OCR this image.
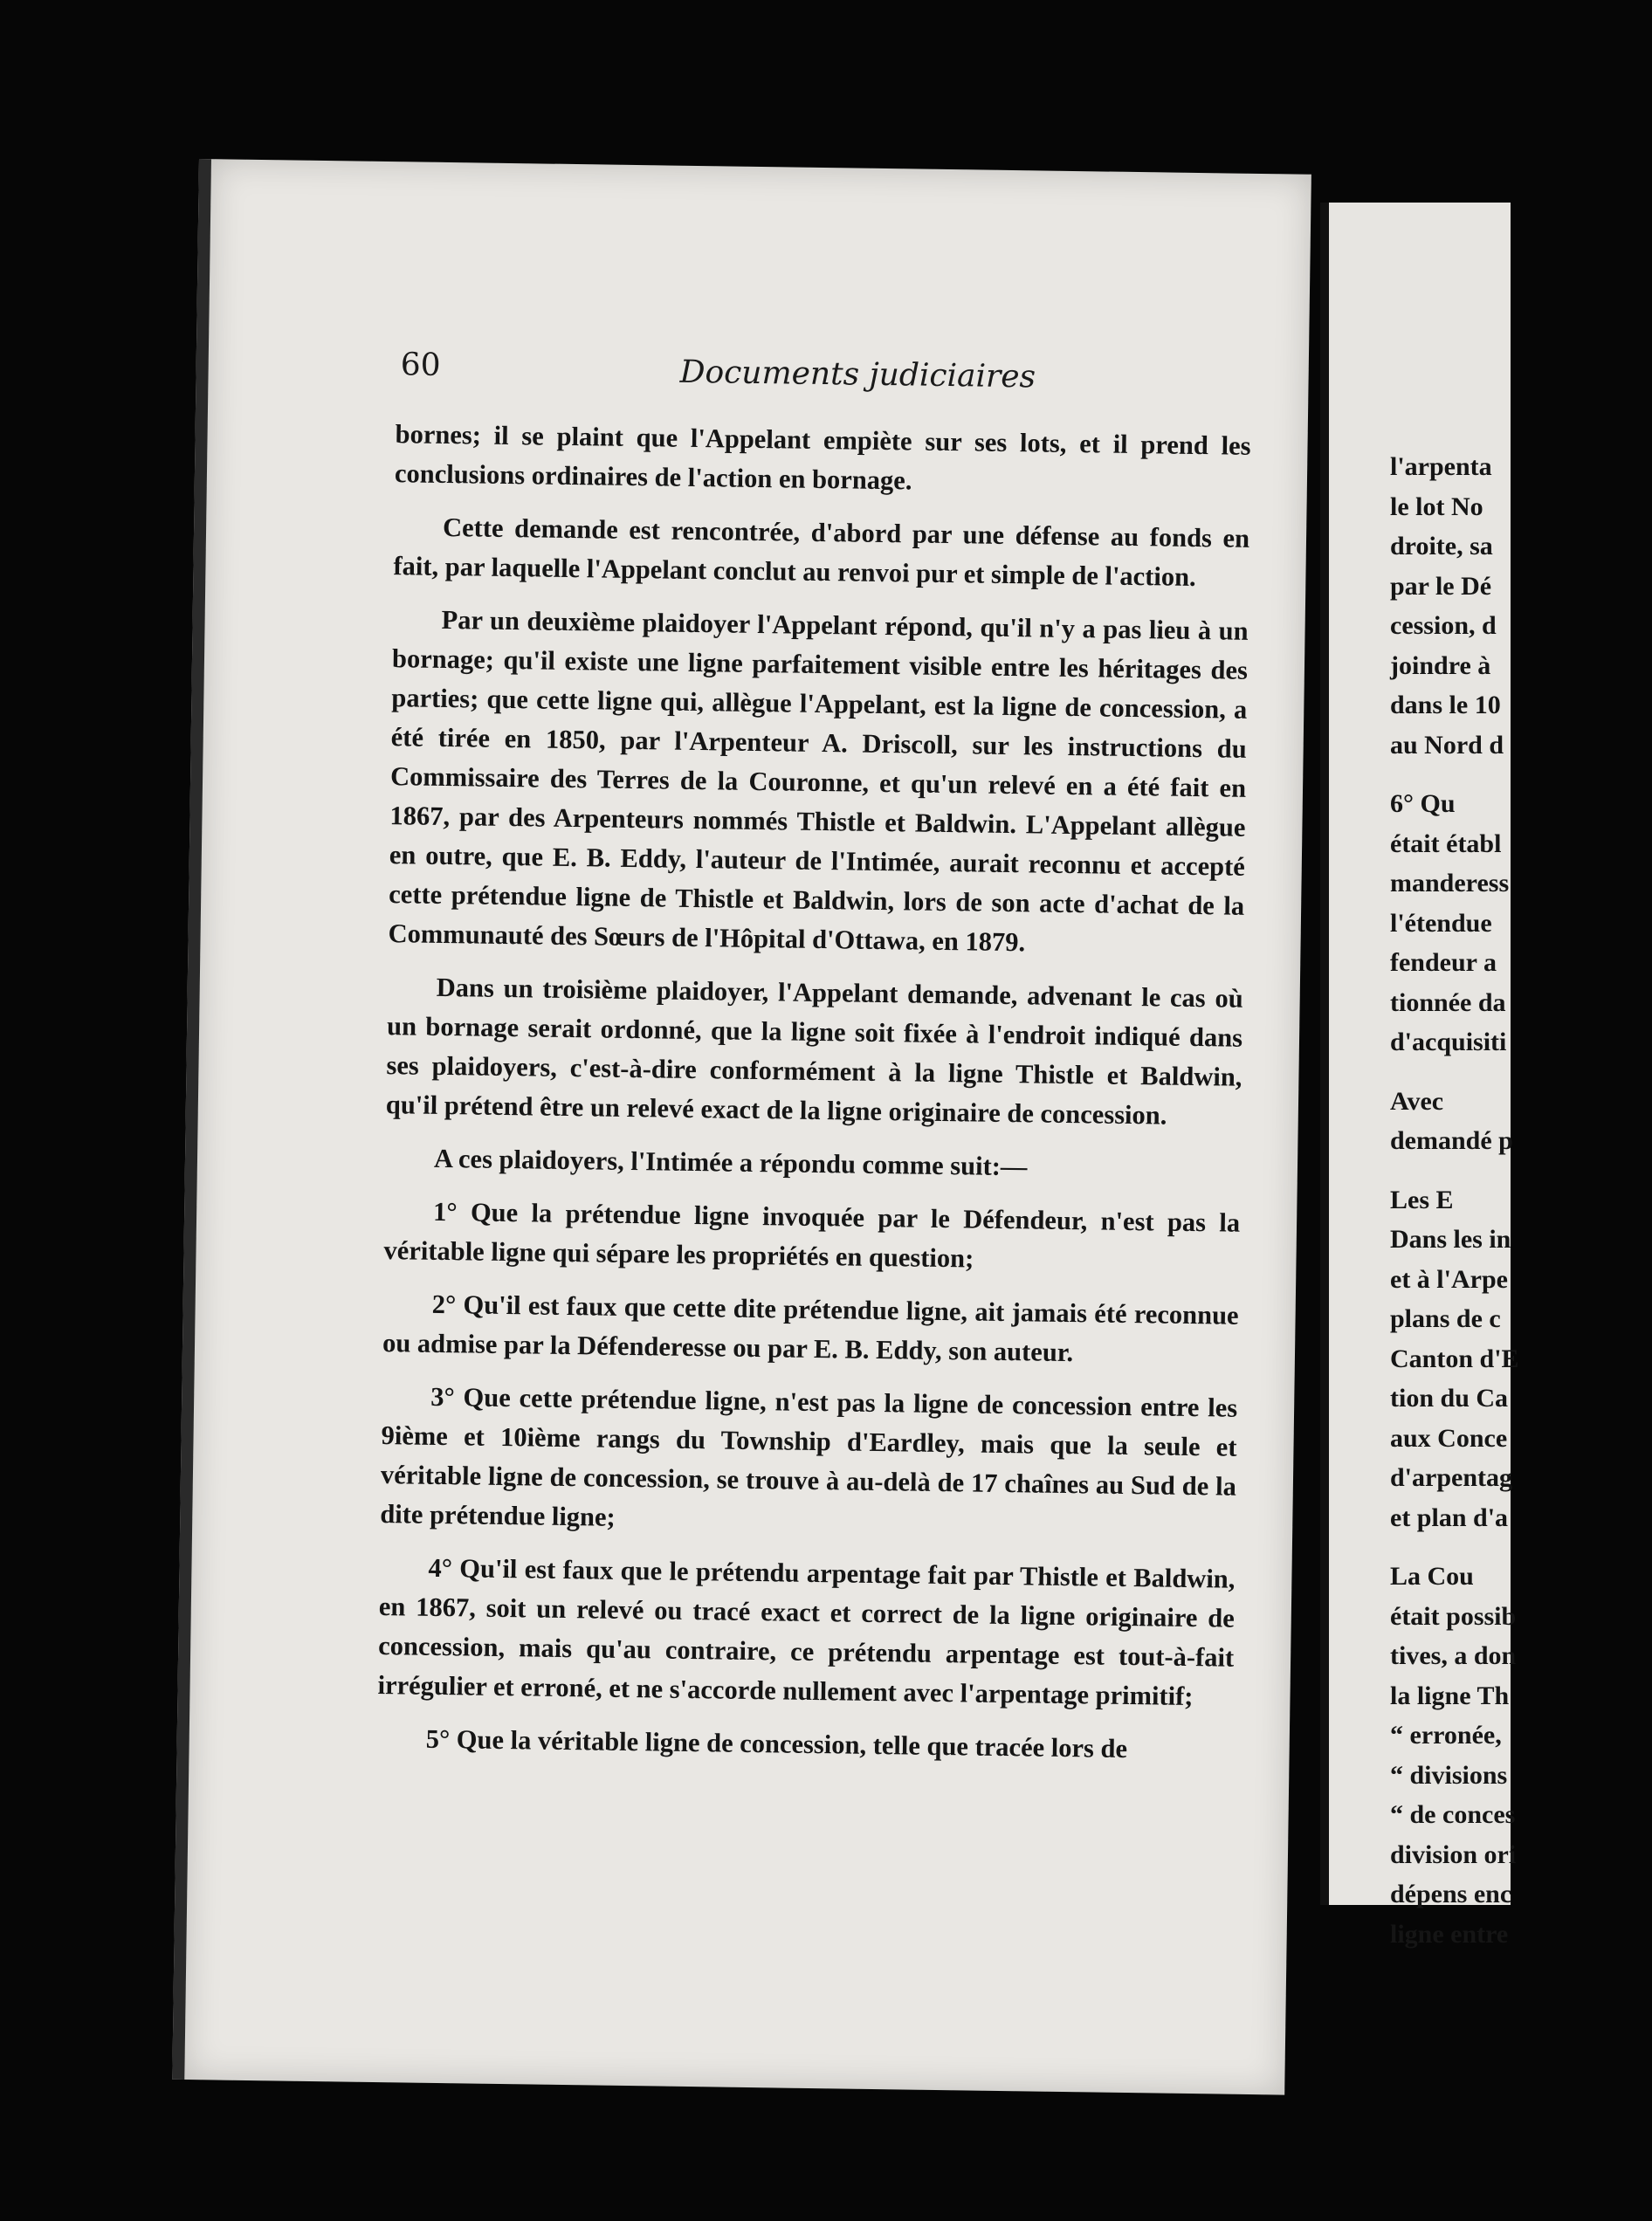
60	Documents judiciaires

bornes; il se plaint que l'Appelant empiète sur ses lots, et il prend les conclusions ordinaires de l'action en bornage.

Cette demande est rencontrée, d'abord par une défense au fonds en fait, par laquelle l'Appelant conclut au renvoi pur et simple de l'action.

Par un deuxième plaidoyer l'Appelant répond, qu'il n'y a pas lieu à un bornage; qu'il existe une ligne parfaitement visible entre les héritages des parties; que cette ligne qui, allègue l'Appelant, est la ligne de concession, a été tirée en 1850, par l'Arpenteur A. Driscoll, sur les instructions du Commissaire des Terres de la Couronne, et qu'un relevé en a été fait en 1867, par des Arpenteurs nommés Thistle et Baldwin. L'Appelant allègue en outre, que E. B. Eddy, l'auteur de l'Intimée, aurait reconnu et accepté cette prétendue ligne de Thistle et Baldwin, lors de son acte d'achat de la Communauté des Sœurs de l'Hôpital d'Ottawa, en 1879.

Dans un troisième plaidoyer, l'Appelant demande, advenant le cas où un bornage serait ordonné, que la ligne soit fixée à l'endroit indiqué dans ses plaidoyers, c'est-à-dire conformément à la ligne Thistle et Baldwin, qu'il prétend être un relevé exact de la ligne originaire de concession.

A ces plaidoyers, l'Intimée a répondu comme suit:—

1° Que la prétendue ligne invoquée par le Défendeur, n'est pas la véritable ligne qui sépare les propriétés en question;

2° Qu'il est faux que cette dite prétendue ligne, ait jamais été reconnue ou admise par la Défenderesse ou par E. B. Eddy, son auteur.

3° Que cette prétendue ligne, n'est pas la ligne de concession entre les 9ième et 10ième rangs du Township d'Eardley, mais que la seule et véritable ligne de concession, se trouve à au-delà de 17 chaînes au Sud de la dite prétendue ligne;

4° Qu'il est faux que le prétendu arpentage fait par Thistle et Baldwin, en 1867, soit un relevé ou tracé exact et correct de la ligne originaire de concession, mais qu'au contraire, ce prétendu arpentage est tout-à-fait irrégulier et erroné, et ne s'accorde nullement avec l'arpentage primitif;

5° Que la véritable ligne de concession, telle que tracée lors de

l'arpenta
le lot No
droite, sa
par le Dé
cession, d
joindre à
dans le 10
au Nord d
6° Qu
était établ
manderess
l'étendue
fendeur a
tionnée da
d'acquisiti
Avec
demandé p
Les E
Dans les in
et à l'Arpe
plans de c
Canton d'E
tion du Ca
aux Conce
d'arpentag
et plan d'a
La Cou
était possib
tives, a don
la ligne Th
“ erronée,
“ divisions
“ de conces
division ori
dépens enc
ligne entre
